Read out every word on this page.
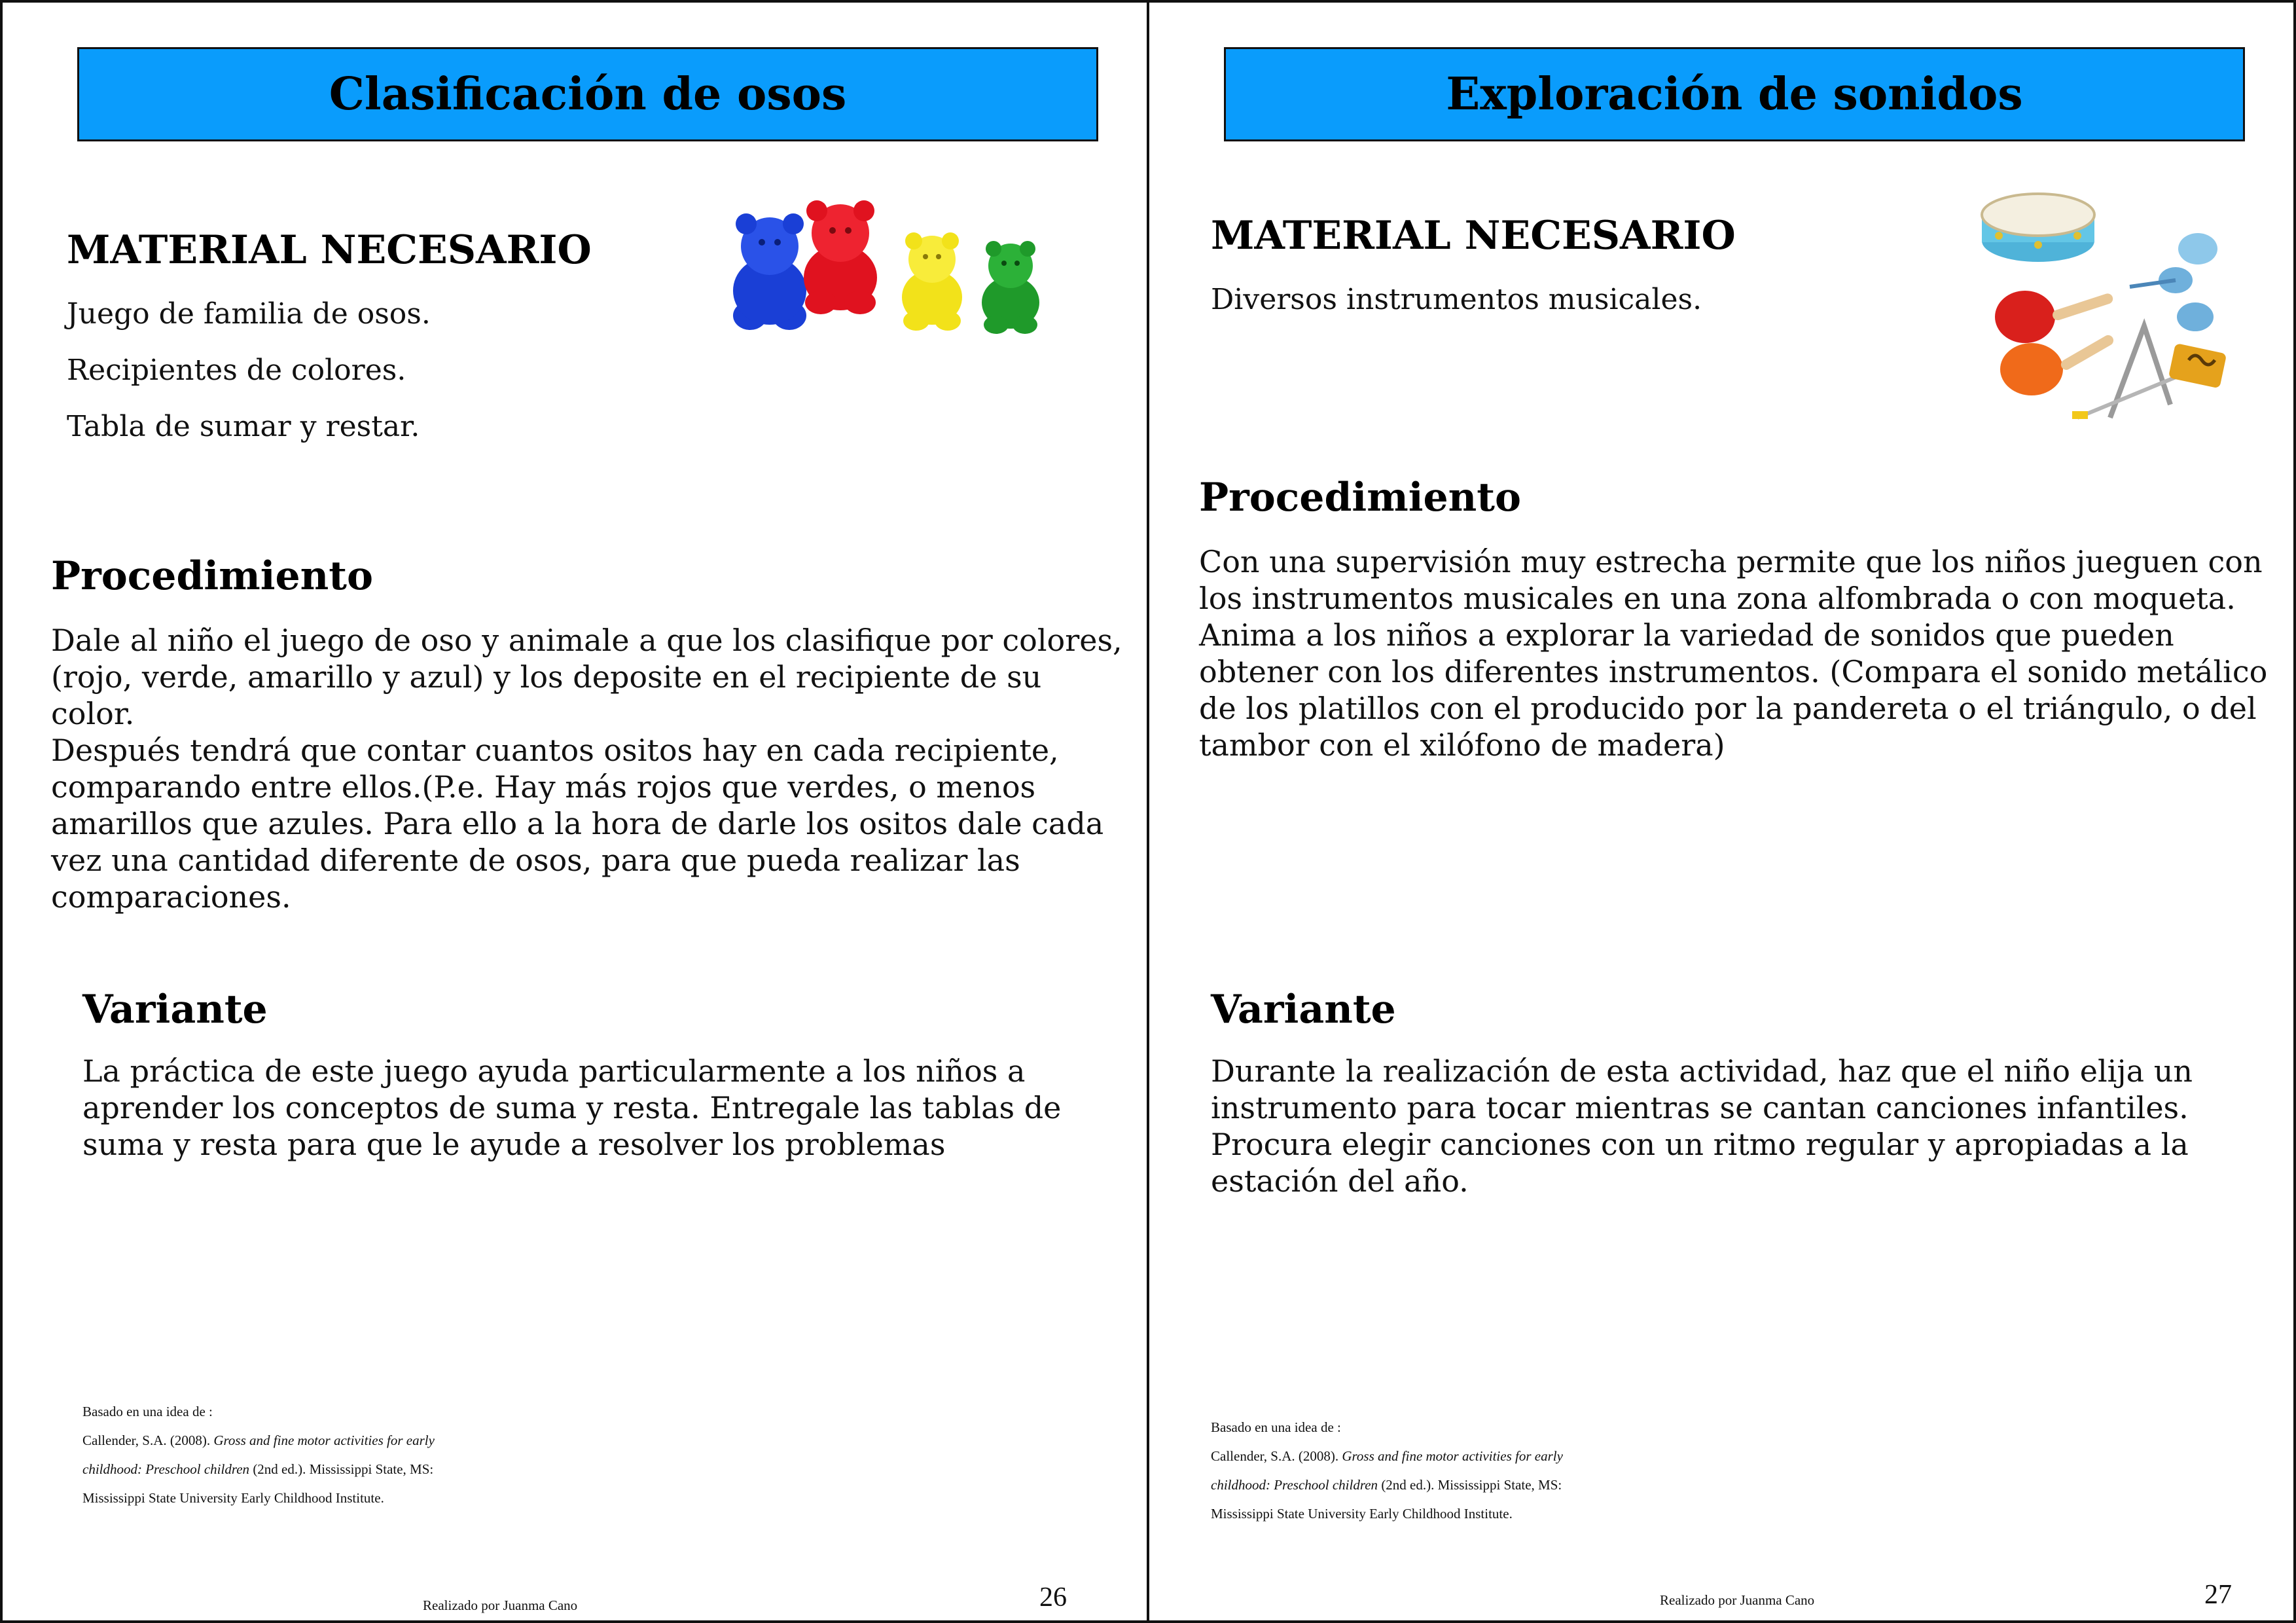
Clasificación de osos
MATERIAL NECESARIO
Juego de familia de osos.
Recipientes de colores.
Tabla de sumar y restar.
Procedimiento

Dale al niño el juego de oso y animale a que los clasifique por colores,

(rojo, verde, amarillo y azul) y los deposite en el recipiente de su color.

Después tendrá que contar cuantos ositos hay en cada recipiente,

comparando entre ellos.(P.e. Hay más rojos que verdes, o menos

amarillos que azules. Para ello a la hora de darle los ositos dale cada

vez una cantidad diferente de osos, para que pueda realizar las

comparaciones.

Variante

La práctica de este juego ayuda particularmente a los niños a

aprender los conceptos de suma y resta. Entregale las tablas de

suma y resta para que le ayude a resolver los problemas

Basado en una idea de :
Callender, S.A. (2008). Gross and fine motor activities for early
childhood: Preschool children (2nd ed.). Mississippi State, MS:
Mississippi State University Early Childhood Institute.
Realizado por Juanma Cano	26
Exploración de sonidos
MATERIAL NECESARIO
Diversos instrumentos musicales.
Procedimiento

Con una supervisión muy estrecha permite que los niños jueguen con

los instrumentos musicales en una zona alfombrada o con moqueta.

Anima a los niños a explorar la variedad de sonidos que pueden

obtener con los diferentes instrumentos. (Compara el sonido metálico

de los platillos con el producido por la pandereta o el triángulo, o del

tambor con el xilófono de madera)

Variante

Durante la realización de esta actividad, haz que el niño elija un

instrumento para tocar mientras se cantan canciones infantiles.

Procura elegir canciones con un ritmo regular y apropiadas a la

estación del año.

Basado en una idea de :
Callender, S.A. (2008). Gross and fine motor activities for early
childhood: Preschool children (2nd ed.). Mississippi State, MS:
Mississippi State University Early Childhood Institute.
Realizado por Juanma Cano	27
